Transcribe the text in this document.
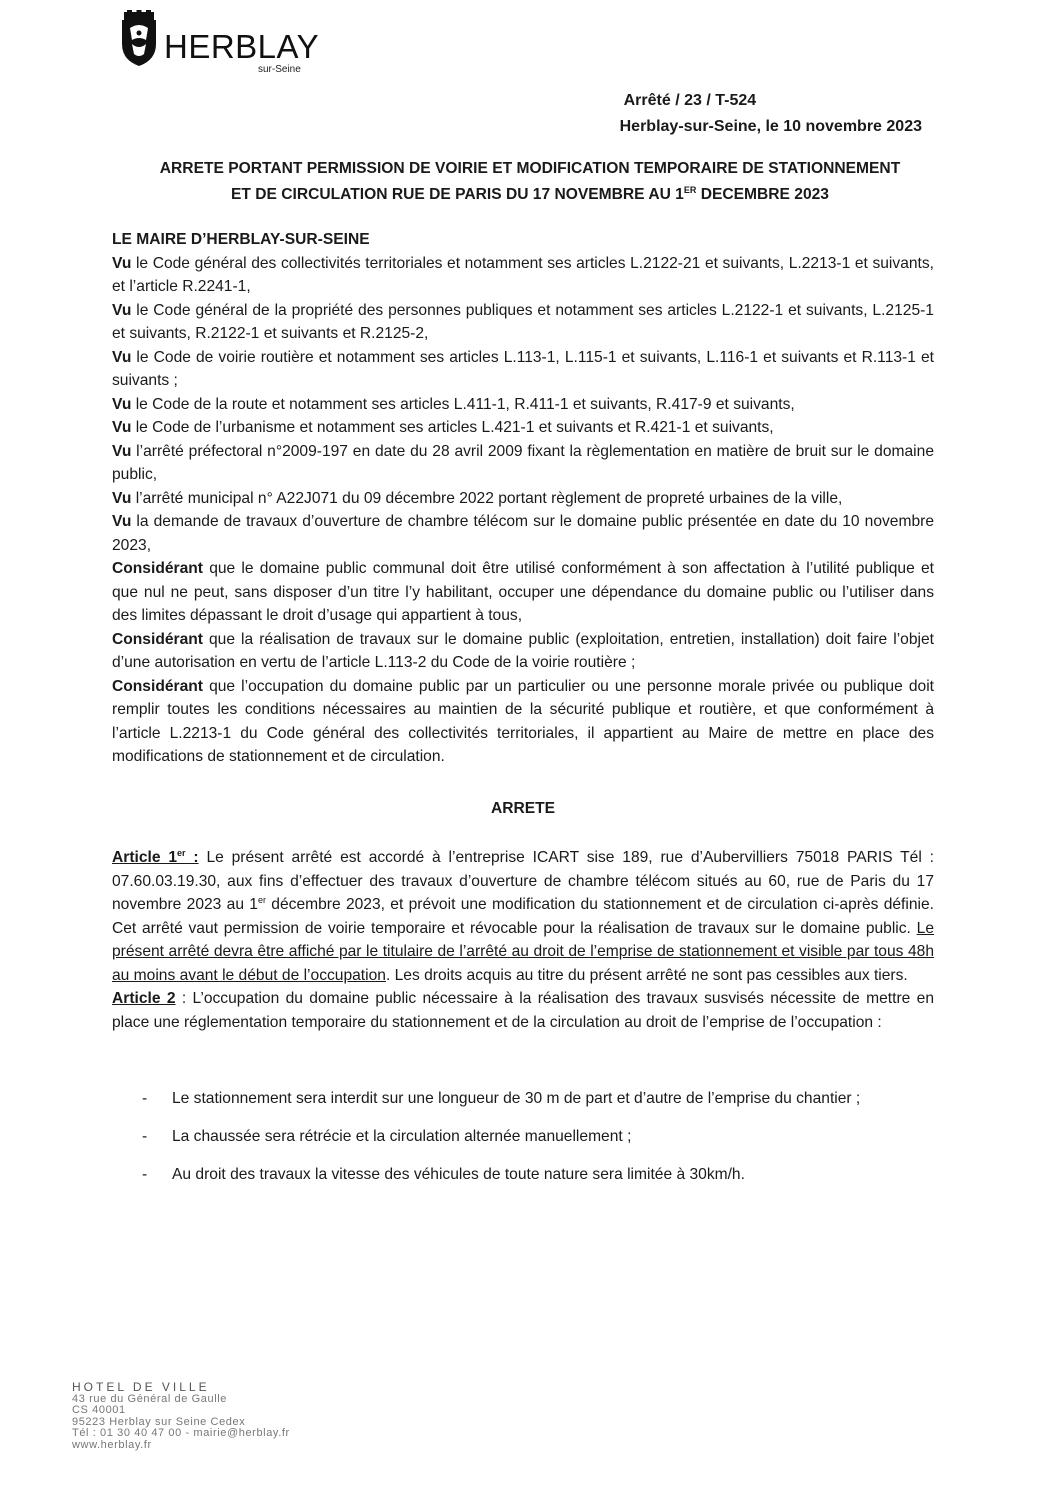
HERBLAY
sur-Seine
Arrêté / 23 / T-524
Herblay-sur-Seine, le 10 novembre 2023
ARRETE PORTANT PERMISSION DE VOIRIE ET MODIFICATION TEMPORAIRE DE STATIONNEMENT
ET DE CIRCULATION RUE DE PARIS DU 17 NOVEMBRE AU 1ER DECEMBRE 2023

LE MAIRE D’HERBLAY-SUR-SEINE

Vu le Code général des collectivités territoriales et notamment ses articles L.2122-21 et suivants, L.2213-1 et suivants, et l’article R.2241-1,

Vu le Code général de la propriété des personnes publiques et notamment ses articles L.2122-1 et suivants, L.2125-1 et suivants, R.2122-1 et suivants et R.2125-2,

Vu le Code de voirie routière et notamment ses articles L.113-1, L.115-1 et suivants, L.116-1 et suivants et R.113-1 et suivants ;

Vu le Code de la route et notamment ses articles L.411-1, R.411-1 et suivants, R.417-9 et suivants,

Vu le Code de l’urbanisme et notamment ses articles L.421-1 et suivants et R.421-1 et suivants,

Vu l’arrêté préfectoral n°2009-197 en date du 28 avril 2009 fixant la règlementation en matière de bruit sur le domaine public,

Vu l’arrêté municipal n° A22J071 du 09 décembre 2022 portant règlement de propreté urbaines de la ville,

Vu la demande de travaux d’ouverture de chambre télécom sur le domaine public présentée en date du 10 novembre 2023,

Considérant que le domaine public communal doit être utilisé conformément à son affectation à l’utilité publique et que nul ne peut, sans disposer d’un titre l’y habilitant, occuper une dépendance du domaine public ou l’utiliser dans des limites dépassant le droit d’usage qui appartient à tous,

Considérant que la réalisation de travaux sur le domaine public (exploitation, entretien, installation) doit faire l’objet d’une autorisation en vertu de l’article L.113-2 du Code de la voirie routière ;

Considérant que l’occupation du domaine public par un particulier ou une personne morale privée ou publique doit remplir toutes les conditions nécessaires au maintien de la sécurité publique et routière, et que conformément à l’article L.2213-1 du Code général des collectivités territoriales, il appartient au Maire de mettre en place des modifications de stationnement et de circulation.

ARRETE

Article 1er : Le présent arrêté est accordé à l’entreprise ICART sise 189, rue d’Aubervilliers 75018 PARIS Tél : 07.60.03.19.30, aux fins d’effectuer des travaux d’ouverture de chambre télécom situés au 60, rue de Paris du 17 novembre 2023 au 1er décembre 2023, et prévoit une modification du stationnement et de circulation ci-après définie. Cet arrêté vaut permission de voirie temporaire et révocable pour la réalisation de travaux sur le domaine public. Le présent arrêté devra être affiché par le titulaire de l’arrêté au droit de l’emprise de stationnement et visible par tous 48h au moins avant le début de l’occupation. Les droits acquis au titre du présent arrêté ne sont pas cessibles aux tiers.

Article 2 : L’occupation du domaine public nécessaire à la réalisation des travaux susvisés nécessite de mettre en place une réglementation temporaire du stationnement et de la circulation au droit de l’emprise de l’occupation :

- Le stationnement sera interdit sur une longueur de 30 m de part et d’autre de l’emprise du chantier ;
- La chaussée sera rétrécie et la circulation alternée manuellement ;
- Au droit des travaux la vitesse des véhicules de toute nature sera limitée à 30km/h.
HOTEL DE VILLE
43 rue du Général de Gaulle
CS 40001
95223 Herblay sur Seine Cedex
Tél : 01 30 40 47 00 - mairie@herblay.fr
www.herblay.fr
